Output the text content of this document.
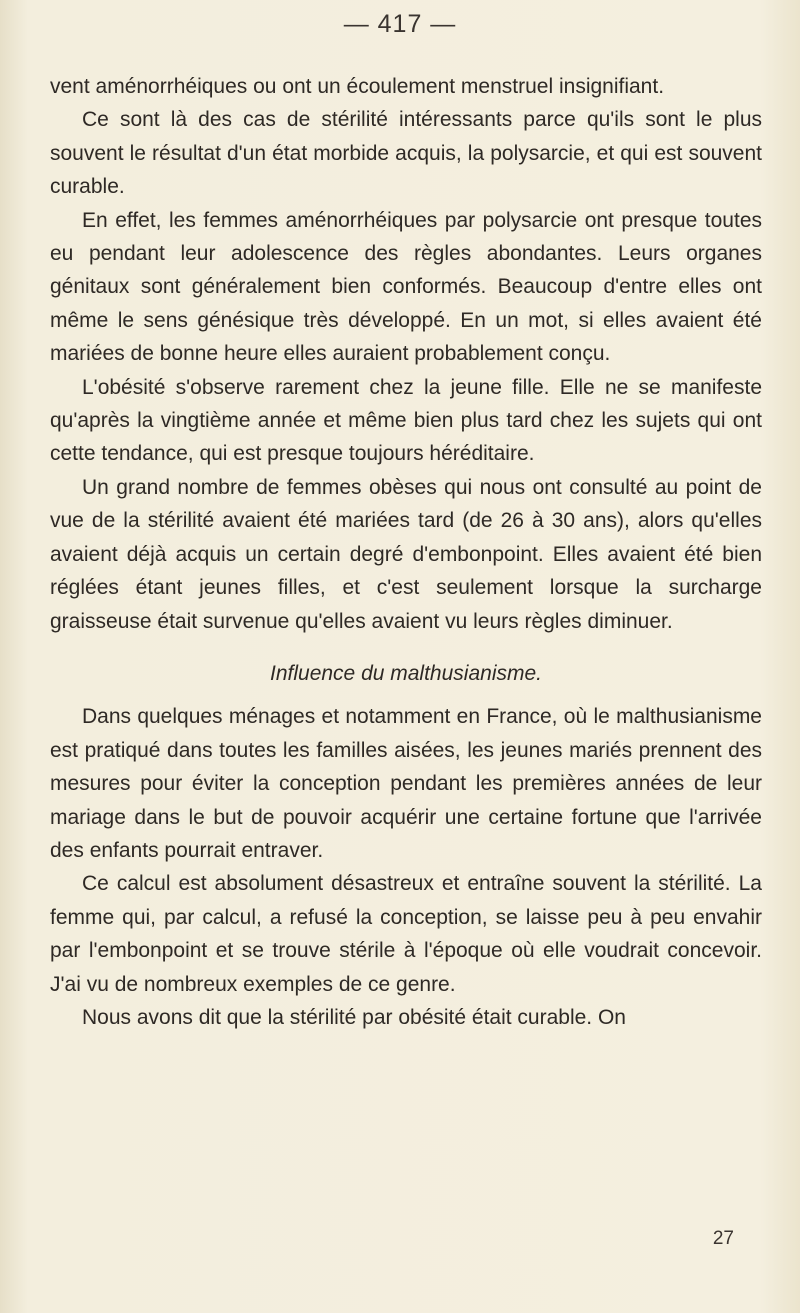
— 417 —

vent aménorrhéiques ou ont un écoulement menstruel insignifiant.

Ce sont là des cas de stérilité intéressants parce qu'ils sont le plus souvent le résultat d'un état morbide acquis, la polysarcie, et qui est souvent curable.

En effet, les femmes aménorrhéiques par polysarcie ont presque toutes eu pendant leur adolescence des règles abondantes. Leurs organes génitaux sont généralement bien conformés. Beaucoup d'entre elles ont même le sens génésique très développé. En un mot, si elles avaient été mariées de bonne heure elles auraient probablement conçu.

L'obésité s'observe rarement chez la jeune fille. Elle ne se manifeste qu'après la vingtième année et même bien plus tard chez les sujets qui ont cette tendance, qui est presque toujours héréditaire.

Un grand nombre de femmes obèses qui nous ont consulté au point de vue de la stérilité avaient été mariées tard (de 26 à 30 ans), alors qu'elles avaient déjà acquis un certain degré d'embonpoint. Elles avaient été bien réglées étant jeunes filles, et c'est seulement lorsque la surcharge graisseuse était survenue qu'elles avaient vu leurs règles diminuer.

Influence du malthusianisme.

Dans quelques ménages et notamment en France, où le malthusianisme est pratiqué dans toutes les familles aisées, les jeunes mariés prennent des mesures pour éviter la conception pendant les premières années de leur mariage dans le but de pouvoir acquérir une certaine fortune que l'arrivée des enfants pourrait entraver.

Ce calcul est absolument désastreux et entraîne souvent la stérilité. La femme qui, par calcul, a refusé la conception, se laisse peu à peu envahir par l'embonpoint et se trouve stérile à l'époque où elle voudrait concevoir. J'ai vu de nombreux exemples de ce genre.

Nous avons dit que la stérilité par obésité était curable. On

27
